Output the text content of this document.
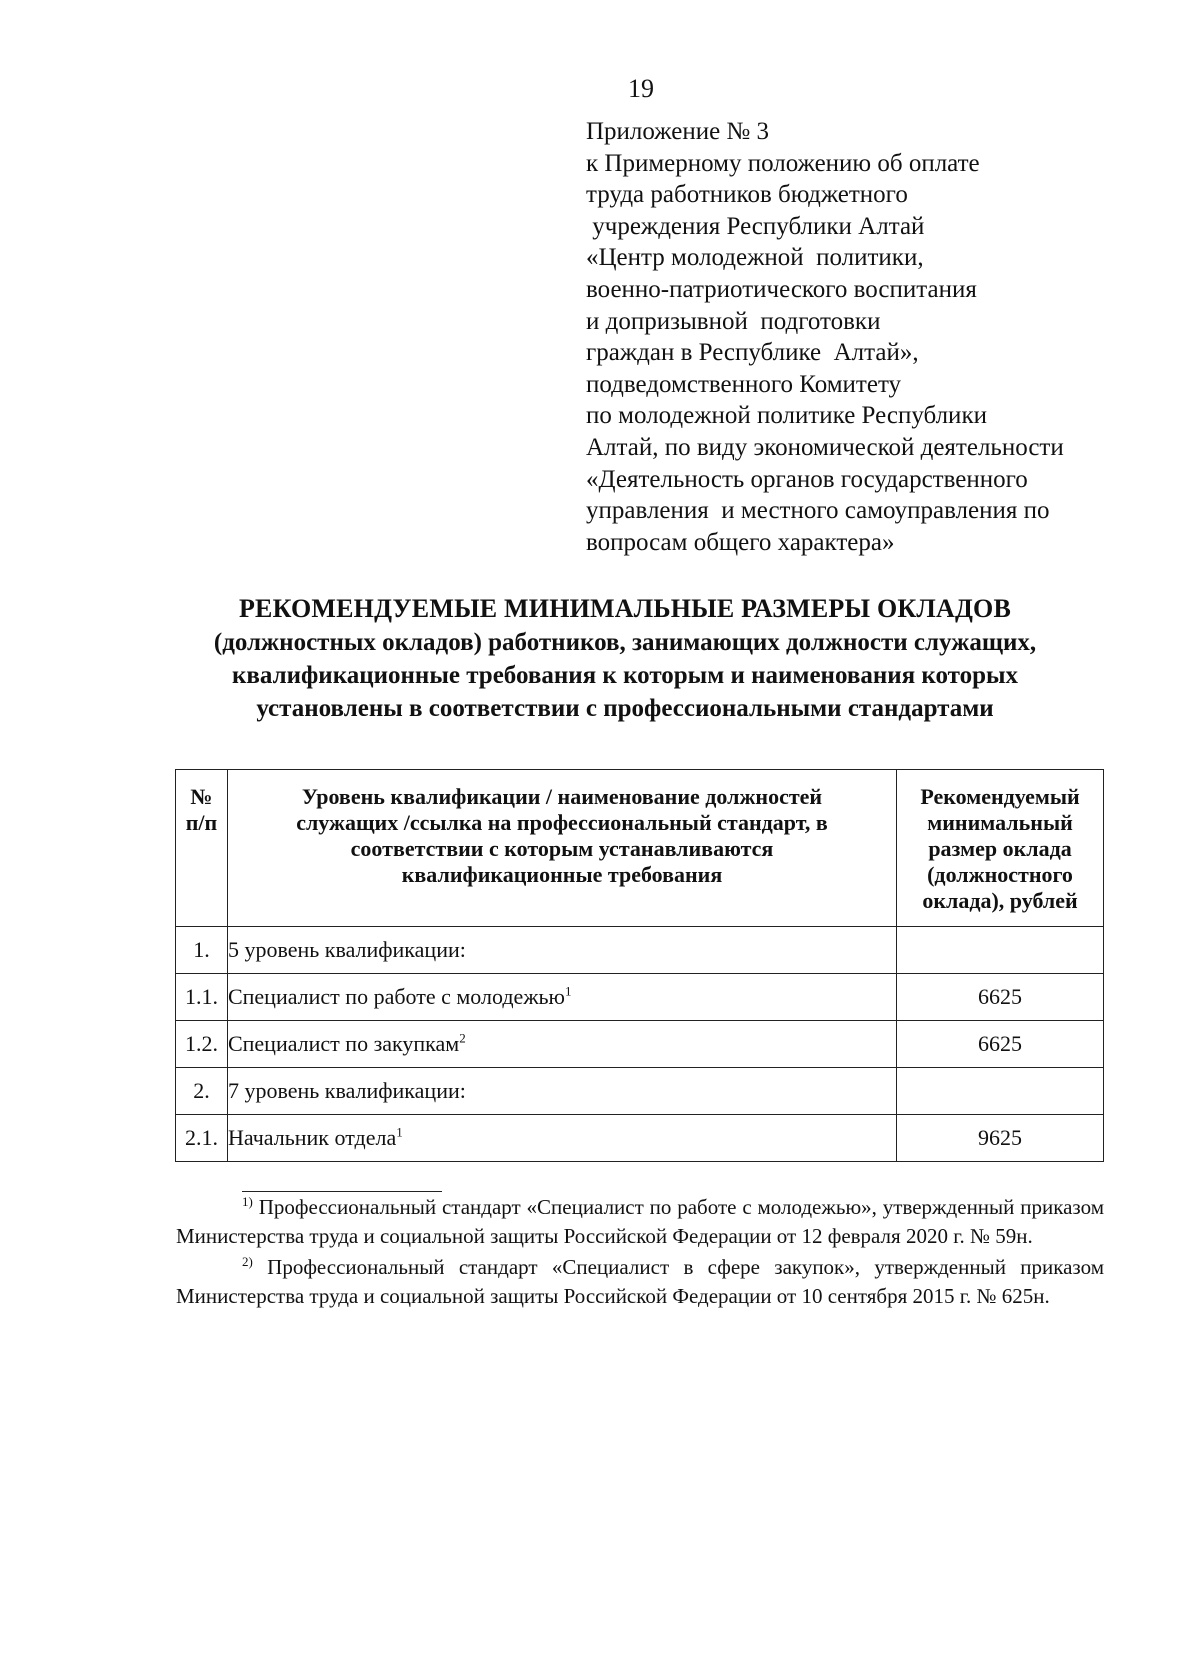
19
Приложение № 3
к Примерному положению об оплате
труда работников бюджетного
учреждения Республики Алтай
«Центр молодежной  политики,
военно-патриотического воспитания
и допризывной  подготовки
граждан в Республике  Алтай»,
подведомственного Комитету
по молодежной политике Республики
Алтай, по виду экономической деятельности
«Деятельность органов государственного
управления  и местного самоуправления по
вопросам общего характера»
РЕКОМЕНДУЕМЫЕ МИНИМАЛЬНЫЕ РАЗМЕРЫ ОКЛАДОВ
(должностных окладов) работников, занимающих должности служащих,
квалификационные требования к которым и наименования которых
установлены в соответствии с профессиональными стандартами
№ п/п	Уровень квалификации / наименование должностей служащих /ссылка на профессиональный стандарт, в соответствии с которым устанавливаются квалификационные требования	Рекомендуемый минимальный размер оклада (должностного оклада), рублей
1.	5 уровень квалификации:	
1.1.	Специалист по работе с молодежью$^1$	6625
1.2.	Специалист по закупкам$^2$	6625
2.	7 уровень квалификации:	
2.1.	Начальник отдела$^1$	9625

$^{1)}$ Профессиональный стандарт «Специалист по работе с молодежью», утвержденный приказом Министерства труда и социальной защиты Российской Федерации от 12 февраля 2020 г. № 59н.

$^{2)}$ Профессиональный стандарт «Специалист в сфере закупок», утвержденный приказом Министерства труда и социальной защиты Российской Федерации от 10 сентября 2015 г. № 625н.
